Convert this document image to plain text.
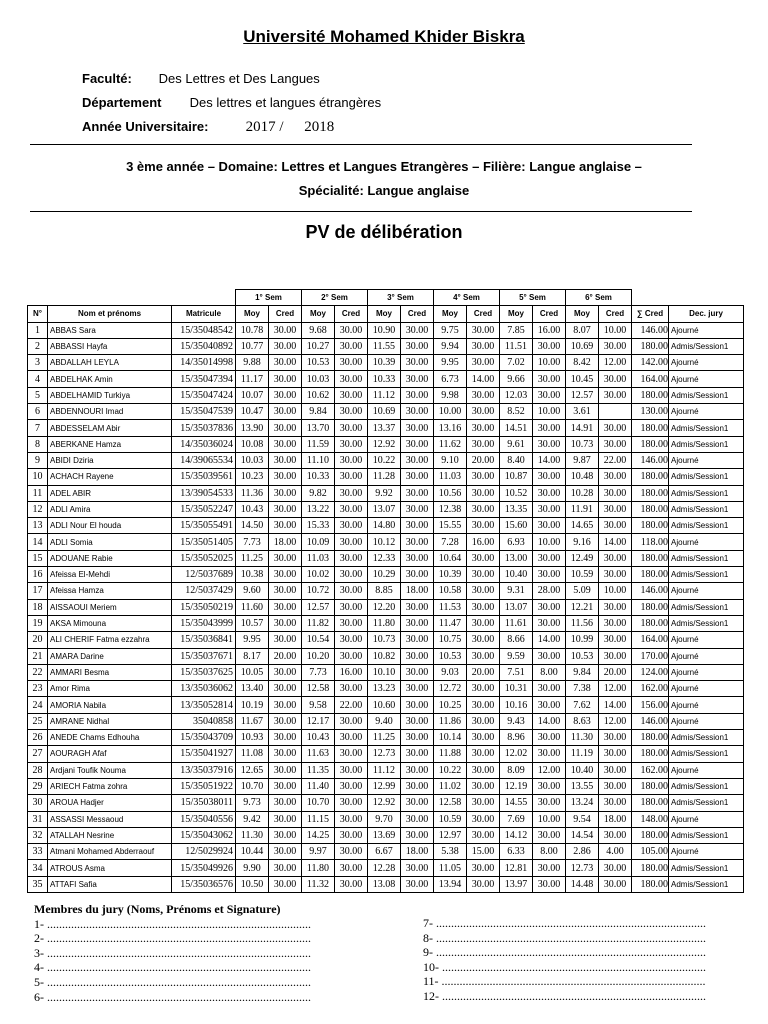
Université Mohamed Khider Biskra
Faculté: Des Lettres et Des Langues
Département Des lettres et langues étrangères
Année Universitaire: 2017 / 2018
3 ème année – Domaine: Lettres et Langues Etrangères – Filière: Langue anglaise –
Spécialité: Langue anglaise
PV de délibération
			1° Sem		2° Sem		3° Sem		4° Sem		5° Sem		6° Sem			
N°	Nom et prénoms	Matricule	Moy	Cred	Moy	Cred	Moy	Cred	Moy	Cred	Moy	Cred	Moy	Cred	∑ Cred	Dec. jury
1	ABBAS Sara	15/35048542	10.78	30.00	9.68	30.00	10.90	30.00	9.75	30.00	7.85	16.00	8.07	10.00	146.00	Ajourné
2	ABBASSI Hayfa	15/35040892	10.77	30.00	10.27	30.00	11.55	30.00	9.94	30.00	11.51	30.00	10.69	30.00	180.00	Admis/Session1
3	ABDALLAH LEYLA	14/35014998	9.88	30.00	10.53	30.00	10.39	30.00	9.95	30.00	7.02	10.00	8.42	12.00	142.00	Ajourné
4	ABDELHAK Amin	15/35047394	11.17	30.00	10.03	30.00	10.33	30.00	6.73	14.00	9.66	30.00	10.45	30.00	164.00	Ajourné
5	ABDELHAMID Turkiya	15/35047424	10.07	30.00	10.62	30.00	11.12	30.00	9.98	30.00	12.03	30.00	12.57	30.00	180.00	Admis/Session1
6	ABDENNOURI Imad	15/35047539	10.47	30.00	9.84	30.00	10.69	30.00	10.00	30.00	8.52	10.00	3.61		130.00	Ajourné
7	ABDESSELAM Abir	15/35037836	13.90	30.00	13.70	30.00	13.37	30.00	13.16	30.00	14.51	30.00	14.91	30.00	180.00	Admis/Session1
8	ABERKANE Hamza	14/35036024	10.08	30.00	11.59	30.00	12.92	30.00	11.62	30.00	9.61	30.00	10.73	30.00	180.00	Admis/Session1
9	ABIDI Dziria	14/39065534	10.03	30.00	11.10	30.00	10.22	30.00	9.10	20.00	8.40	14.00	9.87	22.00	146.00	Ajourné
10	ACHACH Rayene	15/35039561	10.23	30.00	10.33	30.00	11.28	30.00	11.03	30.00	10.87	30.00	10.48	30.00	180.00	Admis/Session1
11	ADEL ABIR	13/39054533	11.36	30.00	9.82	30.00	9.92	30.00	10.56	30.00	10.52	30.00	10.28	30.00	180.00	Admis/Session1
12	ADLI Amira	15/35052247	10.43	30.00	13.22	30.00	13.07	30.00	12.38	30.00	13.35	30.00	11.91	30.00	180.00	Admis/Session1
13	ADLI Nour El houda	15/35055491	14.50	30.00	15.33	30.00	14.80	30.00	15.55	30.00	15.60	30.00	14.65	30.00	180.00	Admis/Session1
14	ADLI Somia	15/35051405	7.73	18.00	10.09	30.00	10.12	30.00	7.28	16.00	6.93	10.00	9.16	14.00	118.00	Ajourné
15	ADOUANE Rabie	15/35052025	11.25	30.00	11.03	30.00	12.33	30.00	10.64	30.00	13.00	30.00	12.49	30.00	180.00	Admis/Session1
16	Afeissa El-Mehdi	12/5037689	10.38	30.00	10.02	30.00	10.29	30.00	10.39	30.00	10.40	30.00	10.59	30.00	180.00	Admis/Session1
17	Afeissa Hamza	12/5037429	9.60	30.00	10.72	30.00	8.85	18.00	10.58	30.00	9.31	28.00	5.09	10.00	146.00	Ajourné
18	AISSAOUI Meriem	15/35050219	11.60	30.00	12.57	30.00	12.20	30.00	11.53	30.00	13.07	30.00	12.21	30.00	180.00	Admis/Session1
19	AKSA Mimouna	15/35043999	10.57	30.00	11.82	30.00	11.80	30.00	11.47	30.00	11.61	30.00	11.56	30.00	180.00	Admis/Session1
20	ALI CHERIF Fatma ezzahra	15/35036841	9.95	30.00	10.54	30.00	10.73	30.00	10.75	30.00	8.66	14.00	10.99	30.00	164.00	Ajourné
21	AMARA Darine	15/35037671	8.17	20.00	10.20	30.00	10.82	30.00	10.53	30.00	9.59	30.00	10.53	30.00	170.00	Ajourné
22	AMMARI Besma	15/35037625	10.05	30.00	7.73	16.00	10.10	30.00	9.03	20.00	7.51	8.00	9.84	20.00	124.00	Ajourné
23	Amor Rima	13/35036062	13.40	30.00	12.58	30.00	13.23	30.00	12.72	30.00	10.31	30.00	7.38	12.00	162.00	Ajourné
24	AMORIA Nabila	13/35052814	10.19	30.00	9.58	22.00	10.60	30.00	10.25	30.00	10.16	30.00	7.62	14.00	156.00	Ajourné
25	AMRANE Nidhal	35040858	11.67	30.00	12.17	30.00	9.40	30.00	11.86	30.00	9.43	14.00	8.63	12.00	146.00	Ajourné
26	ANEDE Chams Edhouha	15/35043709	10.93	30.00	10.43	30.00	11.25	30.00	10.14	30.00	8.96	30.00	11.30	30.00	180.00	Admis/Session1
27	AOURAGH Afaf	15/35041927	11.08	30.00	11.63	30.00	12.73	30.00	11.88	30.00	12.02	30.00	11.19	30.00	180.00	Admis/Session1
28	Ardjani Toufik Nouma	13/35037916	12.65	30.00	11.35	30.00	11.12	30.00	10.22	30.00	8.09	12.00	10.40	30.00	162.00	Ajourné
29	ARIECH Fatma zohra	15/35051922	10.70	30.00	11.40	30.00	12.99	30.00	11.02	30.00	12.19	30.00	13.55	30.00	180.00	Admis/Session1
30	AROUA Hadjer	15/35038011	9.73	30.00	10.70	30.00	12.92	30.00	12.58	30.00	14.55	30.00	13.24	30.00	180.00	Admis/Session1
31	ASSASSI Messaoud	15/35040556	9.42	30.00	11.15	30.00	9.70	30.00	10.59	30.00	7.69	10.00	9.54	18.00	148.00	Ajourné
32	ATALLAH Nesrine	15/35043062	11.30	30.00	14.25	30.00	13.69	30.00	12.97	30.00	14.12	30.00	14.54	30.00	180.00	Admis/Session1
33	Atmani Mohamed Abderraouf	12/5029924	10.44	30.00	9.97	30.00	6.67	18.00	5.38	15.00	6.33	8.00	2.86	4.00	105.00	Ajourné
34	ATROUS Asma	15/35049926	9.90	30.00	11.80	30.00	12.28	30.00	11.05	30.00	12.81	30.00	12.73	30.00	180.00	Admis/Session1
35	ATTAFI Safia	15/35036576	10.50	30.00	11.32	30.00	13.08	30.00	13.94	30.00	13.97	30.00	14.48	30.00	180.00	Admis/Session1
Membres du jury (Noms, Prénoms et Signature)
1- ........................................................................................
2- ........................................................................................
3- ........................................................................................
4- ........................................................................................
5- ........................................................................................
6- ........................................................................................
7- ..........................................................................................
8- ..........................................................................................
9- ..........................................................................................
10- ........................................................................................
11- ........................................................................................
12- ........................................................................................
